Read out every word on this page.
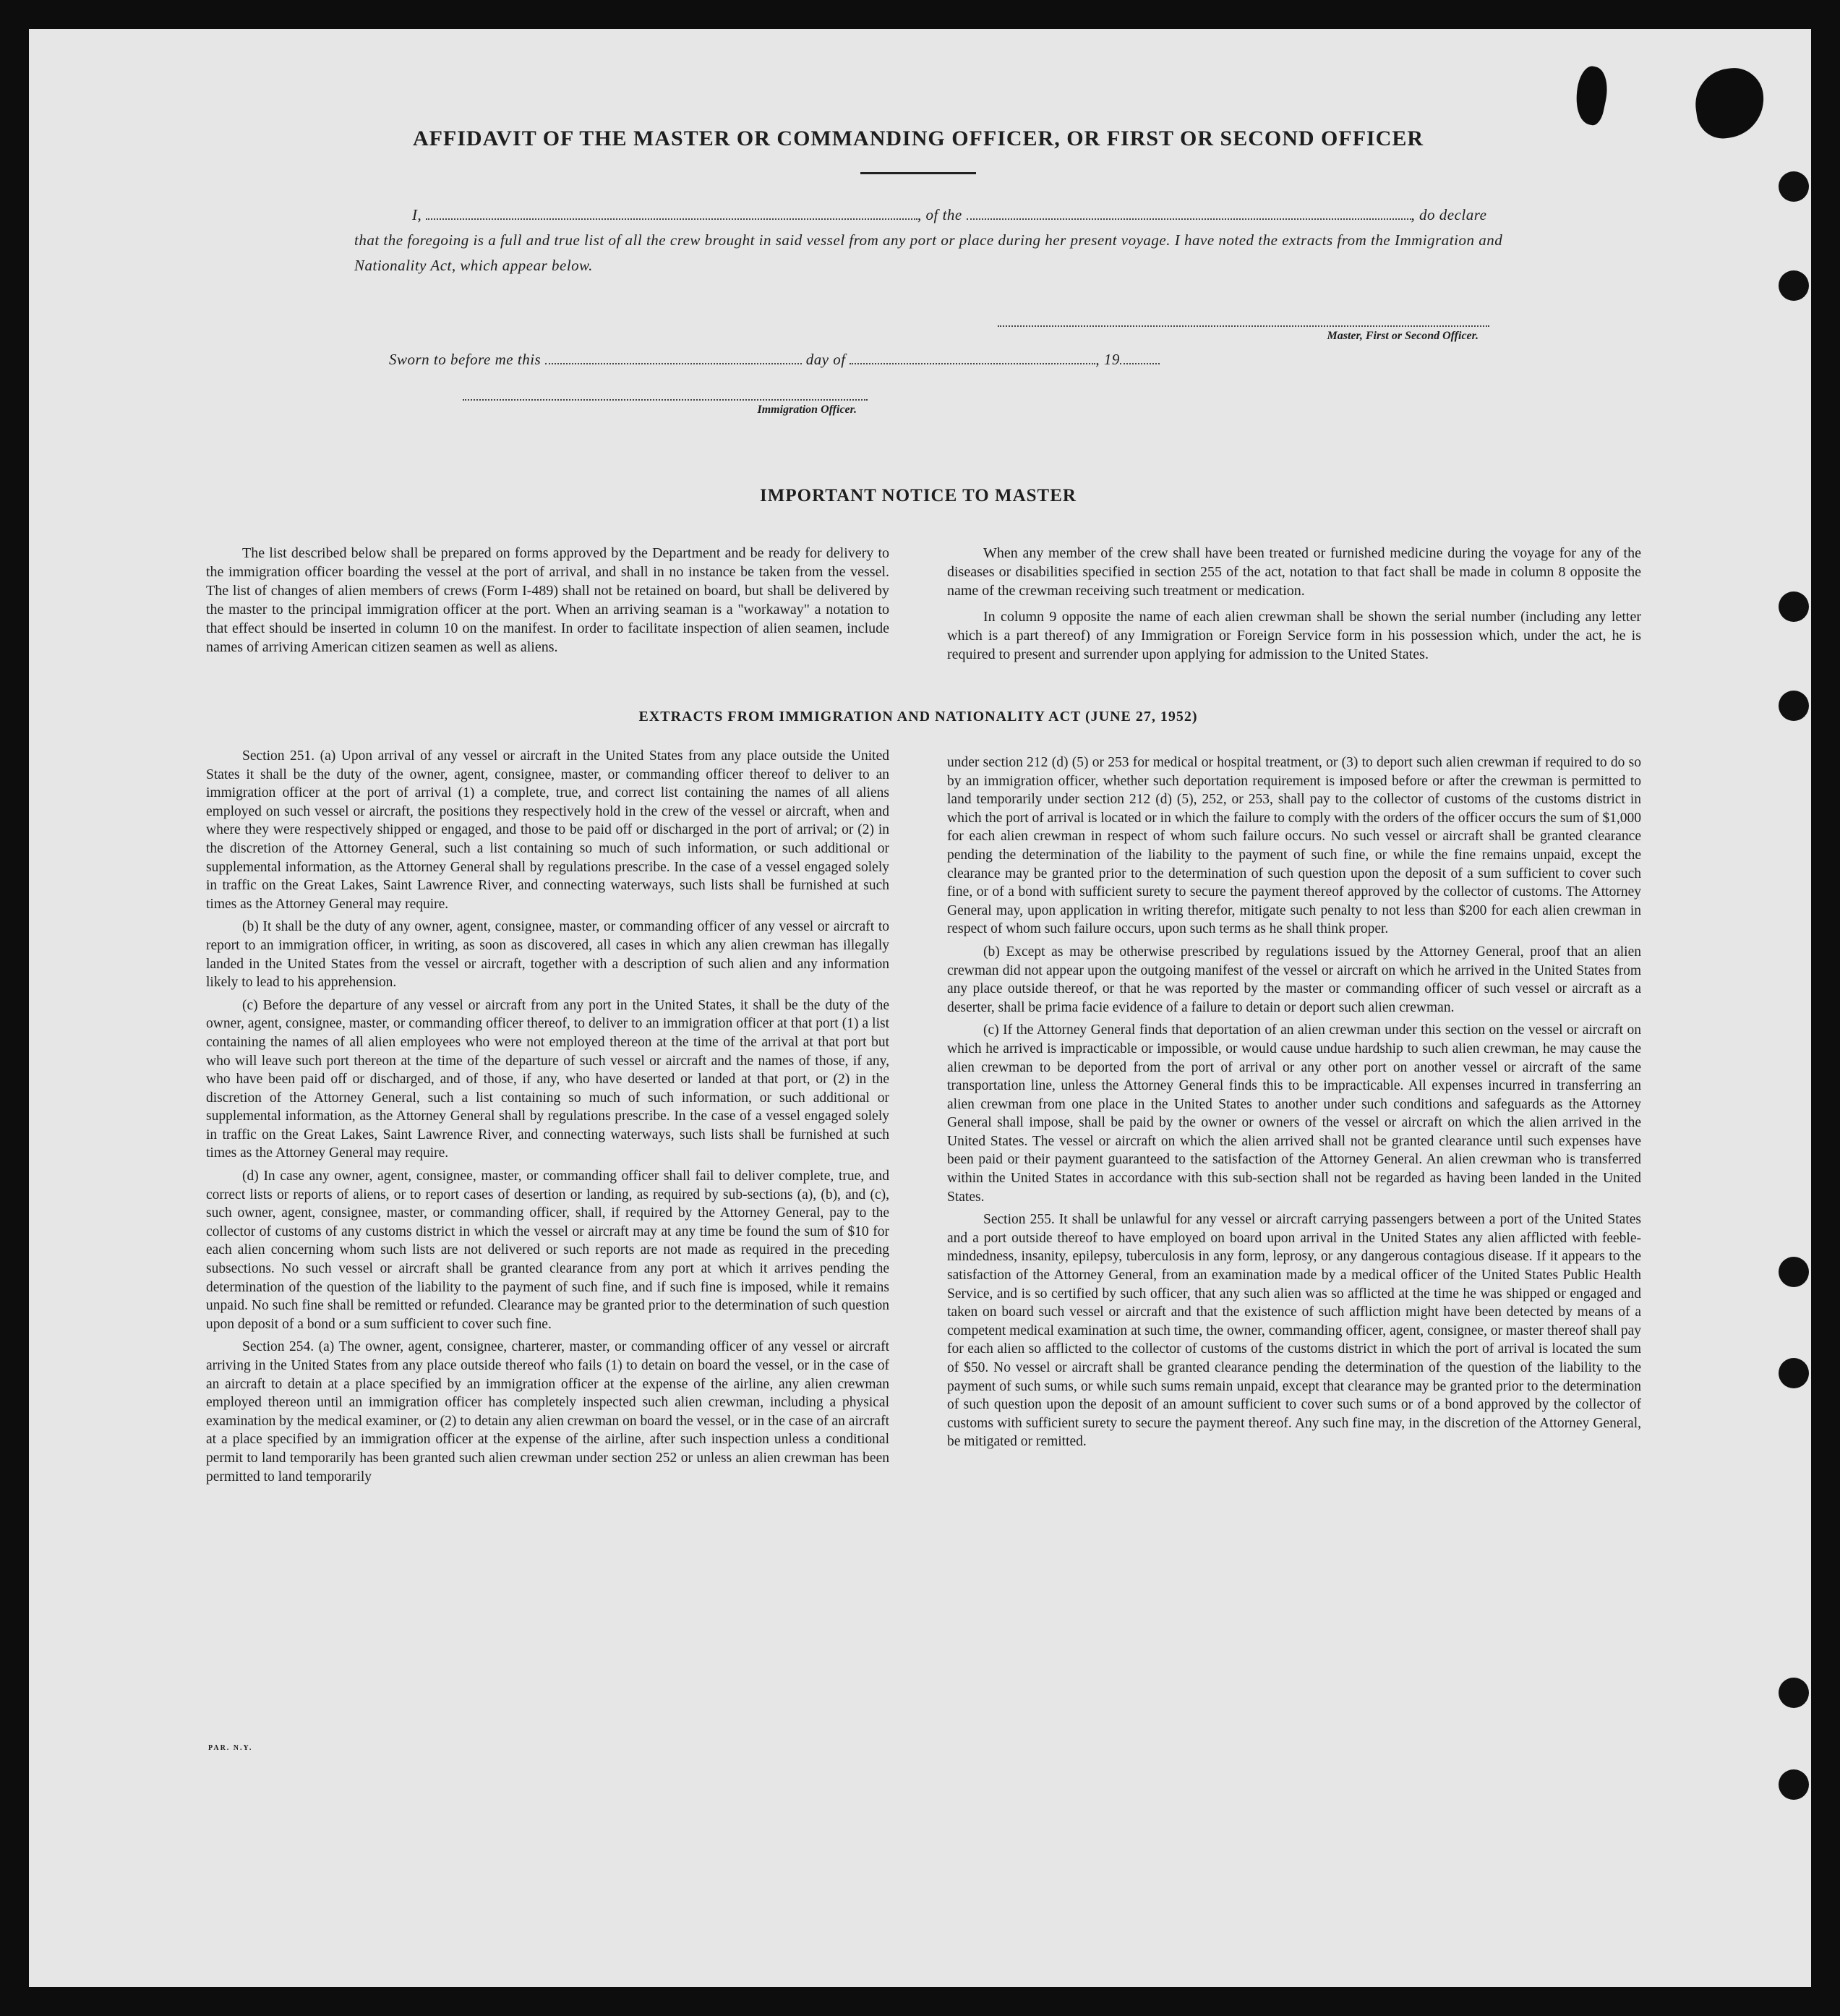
AFFIDAVIT OF THE MASTER OR COMMANDING OFFICER, OR FIRST OR SECOND OFFICER
I,	, of the	, do declare
that the foregoing is a full and true list of all the crew brought in said vessel from any port or place during her present voyage. I have noted the extracts from the Immigration and Nationality Act, which appear below.
Master, First or Second Officer.
Sworn to before me this	day of	, 19
Immigration Officer.
IMPORTANT NOTICE TO MASTER

The list described below shall be prepared on forms approved by the Department and be ready for delivery to the immigration officer boarding the vessel at the port of arrival, and shall in no instance be taken from the vessel. The list of changes of alien members of crews (Form I-489) shall not be retained on board, but shall be delivered by the master to the principal immigration officer at the port. When an arriving seaman is a "workaway" a notation to that effect should be inserted in column 10 on the manifest. In order to facilitate inspection of alien seamen, include names of arriving American citizen seamen as well as aliens.

When any member of the crew shall have been treated or furnished medicine during the voyage for any of the diseases or disabilities specified in section 255 of the act, notation to that fact shall be made in column 8 opposite the name of the crewman receiving such treatment or medication.

In column 9 opposite the name of each alien crewman shall be shown the serial number (including any letter which is a part thereof) of any Immigration or Foreign Service form in his possession which, under the act, he is required to present and surrender upon applying for admission to the United States.

EXTRACTS FROM IMMIGRATION AND NATIONALITY ACT (JUNE 27, 1952)

Section 251. (a) Upon arrival of any vessel or aircraft in the United States from any place outside the United States it shall be the duty of the owner, agent, consignee, master, or commanding officer thereof to deliver to an immigration officer at the port of arrival (1) a complete, true, and correct list containing the names of all aliens employed on such vessel or aircraft, the positions they respectively hold in the crew of the vessel or aircraft, when and where they were respectively shipped or engaged, and those to be paid off or discharged in the port of arrival; or (2) in the discretion of the Attorney General, such a list containing so much of such information, or such additional or supplemental information, as the Attorney General shall by regulations prescribe. In the case of a vessel engaged solely in traffic on the Great Lakes, Saint Lawrence River, and connecting waterways, such lists shall be furnished at such times as the Attorney General may require.

(b) It shall be the duty of any owner, agent, consignee, master, or commanding officer of any vessel or aircraft to report to an immigration officer, in writing, as soon as discovered, all cases in which any alien crewman has illegally landed in the United States from the vessel or aircraft, together with a description of such alien and any information likely to lead to his apprehension.

(c) Before the departure of any vessel or aircraft from any port in the United States, it shall be the duty of the owner, agent, consignee, master, or commanding officer thereof, to deliver to an immigration officer at that port (1) a list containing the names of all alien employees who were not employed thereon at the time of the arrival at that port but who will leave such port thereon at the time of the departure of such vessel or aircraft and the names of those, if any, who have been paid off or discharged, and of those, if any, who have deserted or landed at that port, or (2) in the discretion of the Attorney General, such a list containing so much of such information, or such additional or supplemental information, as the Attorney General shall by regulations prescribe. In the case of a vessel engaged solely in traffic on the Great Lakes, Saint Lawrence River, and connecting waterways, such lists shall be furnished at such times as the Attorney General may require.

(d) In case any owner, agent, consignee, master, or commanding officer shall fail to deliver complete, true, and correct lists or reports of aliens, or to report cases of desertion or landing, as required by sub-sections (a), (b), and (c), such owner, agent, consignee, master, or commanding officer, shall, if required by the Attorney General, pay to the collector of customs of any customs district in which the vessel or aircraft may at any time be found the sum of $10 for each alien concerning whom such lists are not delivered or such reports are not made as required in the preceding subsections. No such vessel or aircraft shall be granted clearance from any port at which it arrives pending the determination of the question of the liability to the payment of such fine, and if such fine is imposed, while it remains unpaid. No such fine shall be remitted or refunded. Clearance may be granted prior to the determination of such question upon deposit of a bond or a sum sufficient to cover such fine.

Section 254. (a) The owner, agent, consignee, charterer, master, or commanding officer of any vessel or aircraft arriving in the United States from any place outside thereof who fails (1) to detain on board the vessel, or in the case of an aircraft to detain at a place specified by an immigration officer at the expense of the airline, any alien crewman employed thereon until an immigration officer has completely inspected such alien crewman, including a physical examination by the medical examiner, or (2) to detain any alien crewman on board the vessel, or in the case of an aircraft at a place specified by an immigration officer at the expense of the airline, after such inspection unless a conditional permit to land temporarily has been granted such alien crewman under section 252 or unless an alien crewman has been permitted to land temporarily

under section 212 (d) (5) or 253 for medical or hospital treatment, or (3) to deport such alien crewman if required to do so by an immigration officer, whether such deportation requirement is imposed before or after the crewman is permitted to land temporarily under section 212 (d) (5), 252, or 253, shall pay to the collector of customs of the customs district in which the port of arrival is located or in which the failure to comply with the orders of the officer occurs the sum of $1,000 for each alien crewman in respect of whom such failure occurs. No such vessel or aircraft shall be granted clearance pending the determination of the liability to the payment of such fine, or while the fine remains unpaid, except the clearance may be granted prior to the determination of such question upon the deposit of a sum sufficient to cover such fine, or of a bond with sufficient surety to secure the payment thereof approved by the collector of customs. The Attorney General may, upon application in writing therefor, mitigate such penalty to not less than $200 for each alien crewman in respect of whom such failure occurs, upon such terms as he shall think proper.

(b) Except as may be otherwise prescribed by regulations issued by the Attorney General, proof that an alien crewman did not appear upon the outgoing manifest of the vessel or aircraft on which he arrived in the United States from any place outside thereof, or that he was reported by the master or commanding officer of such vessel or aircraft as a deserter, shall be prima facie evidence of a failure to detain or deport such alien crewman.

(c) If the Attorney General finds that deportation of an alien crewman under this section on the vessel or aircraft on which he arrived is impracticable or impossible, or would cause undue hardship to such alien crewman, he may cause the alien crewman to be deported from the port of arrival or any other port on another vessel or aircraft of the same transportation line, unless the Attorney General finds this to be impracticable. All expenses incurred in transferring an alien crewman from one place in the United States to another under such conditions and safeguards as the Attorney General shall impose, shall be paid by the owner or owners of the vessel or aircraft on which the alien arrived in the United States. The vessel or aircraft on which the alien arrived shall not be granted clearance until such expenses have been paid or their payment guaranteed to the satisfaction of the Attorney General. An alien crewman who is transferred within the United States in accordance with this sub-section shall not be regarded as having been landed in the United States.

Section 255. It shall be unlawful for any vessel or aircraft carrying passengers between a port of the United States and a port outside thereof to have employed on board upon arrival in the United States any alien afflicted with feeble-mindedness, insanity, epilepsy, tuberculosis in any form, leprosy, or any dangerous contagious disease. If it appears to the satisfaction of the Attorney General, from an examination made by a medical officer of the United States Public Health Service, and is so certified by such officer, that any such alien was so afflicted at the time he was shipped or engaged and taken on board such vessel or aircraft and that the existence of such affliction might have been detected by means of a competent medical examination at such time, the owner, commanding officer, agent, consignee, or master thereof shall pay for each alien so afflicted to the collector of customs of the customs district in which the port of arrival is located the sum of $50. No vessel or aircraft shall be granted clearance pending the determination of the question of the liability to the payment of such sums, or while such sums remain unpaid, except that clearance may be granted prior to the determination of such question upon the deposit of an amount sufficient to cover such sums or of a bond approved by the collector of customs with sufficient surety to secure the payment thereof. Any such fine may, in the discretion of the Attorney General, be mitigated or remitted.

PAR. N.Y.
